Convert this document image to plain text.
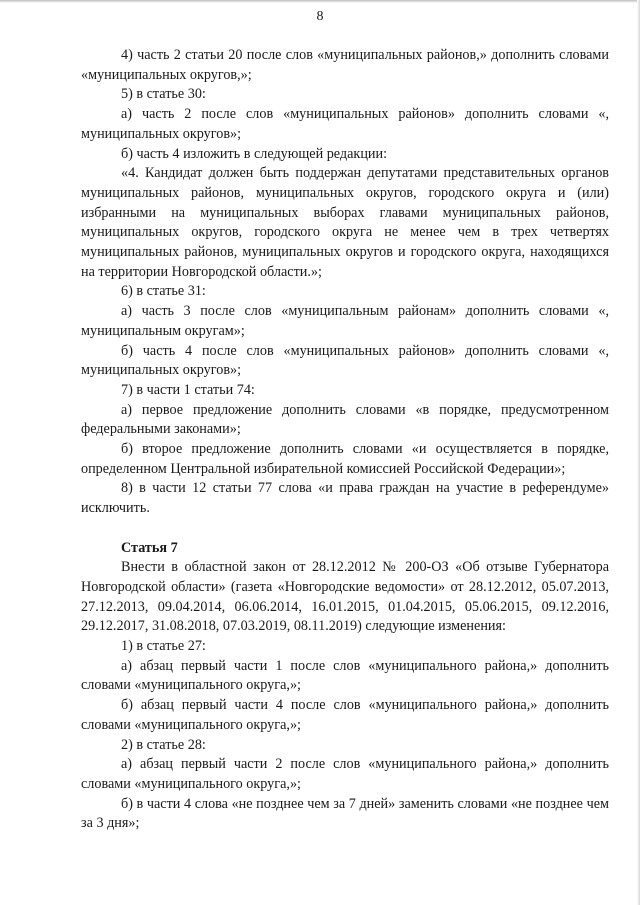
8

4) часть 2 статьи 20 после слов «муниципальных районов,» дополнить словами «муниципальных округов,»;

5) в статье 30:

а) часть 2 после слов «муниципальных районов» дополнить словами «, муниципальных округов»;

б) часть 4 изложить в следующей редакции:

«4. Кандидат должен быть поддержан депутатами представительных органов муниципальных районов, муниципальных округов, городского округа и (или) избранными на муниципальных выборах главами муниципальных районов, муниципальных округов, городского округа не менее чем в трех четвертях муниципальных районов, муниципальных округов и городского округа, находящихся на территории Новгородской области.»;

6) в статье 31:

а) часть 3 после слов «муниципальным районам» дополнить словами «, муниципальным округам»;

б) часть 4 после слов «муниципальных районов» дополнить словами «, муниципальных округов»;

7) в части 1 статьи 74:

а) первое предложение дополнить словами «в порядке, предусмотренном федеральными законами»;

б) второе предложение дополнить словами «и осуществляется в порядке, определенном Центральной избирательной комиссией Российской Федерации»;

8) в части 12 статьи 77 слова «и права граждан на участие в референдуме» исключить.

Статья 7

Внести в областной закон от 28.12.2012 № 200-ОЗ «Об отзыве Губернатора Новгородской области» (газета «Новгородские ведомости» от 28.12.2012, 05.07.2013, 27.12.2013, 09.04.2014, 06.06.2014, 16.01.2015, 01.04.2015, 05.06.2015, 09.12.2016, 29.12.2017, 31.08.2018, 07.03.2019, 08.11.2019) следующие изменения:

1) в статье 27:

а) абзац первый части 1 после слов «муниципального района,» дополнить словами «муниципального округа,»;

б) абзац первый части 4 после слов «муниципального района,» дополнить словами «муниципального округа,»;

2) в статье 28:

а) абзац первый части 2 после слов «муниципального района,» дополнить словами «муниципального округа,»;

б) в части 4 слова «не позднее чем за 7 дней» заменить словами «не позднее чем за 3 дня»;
